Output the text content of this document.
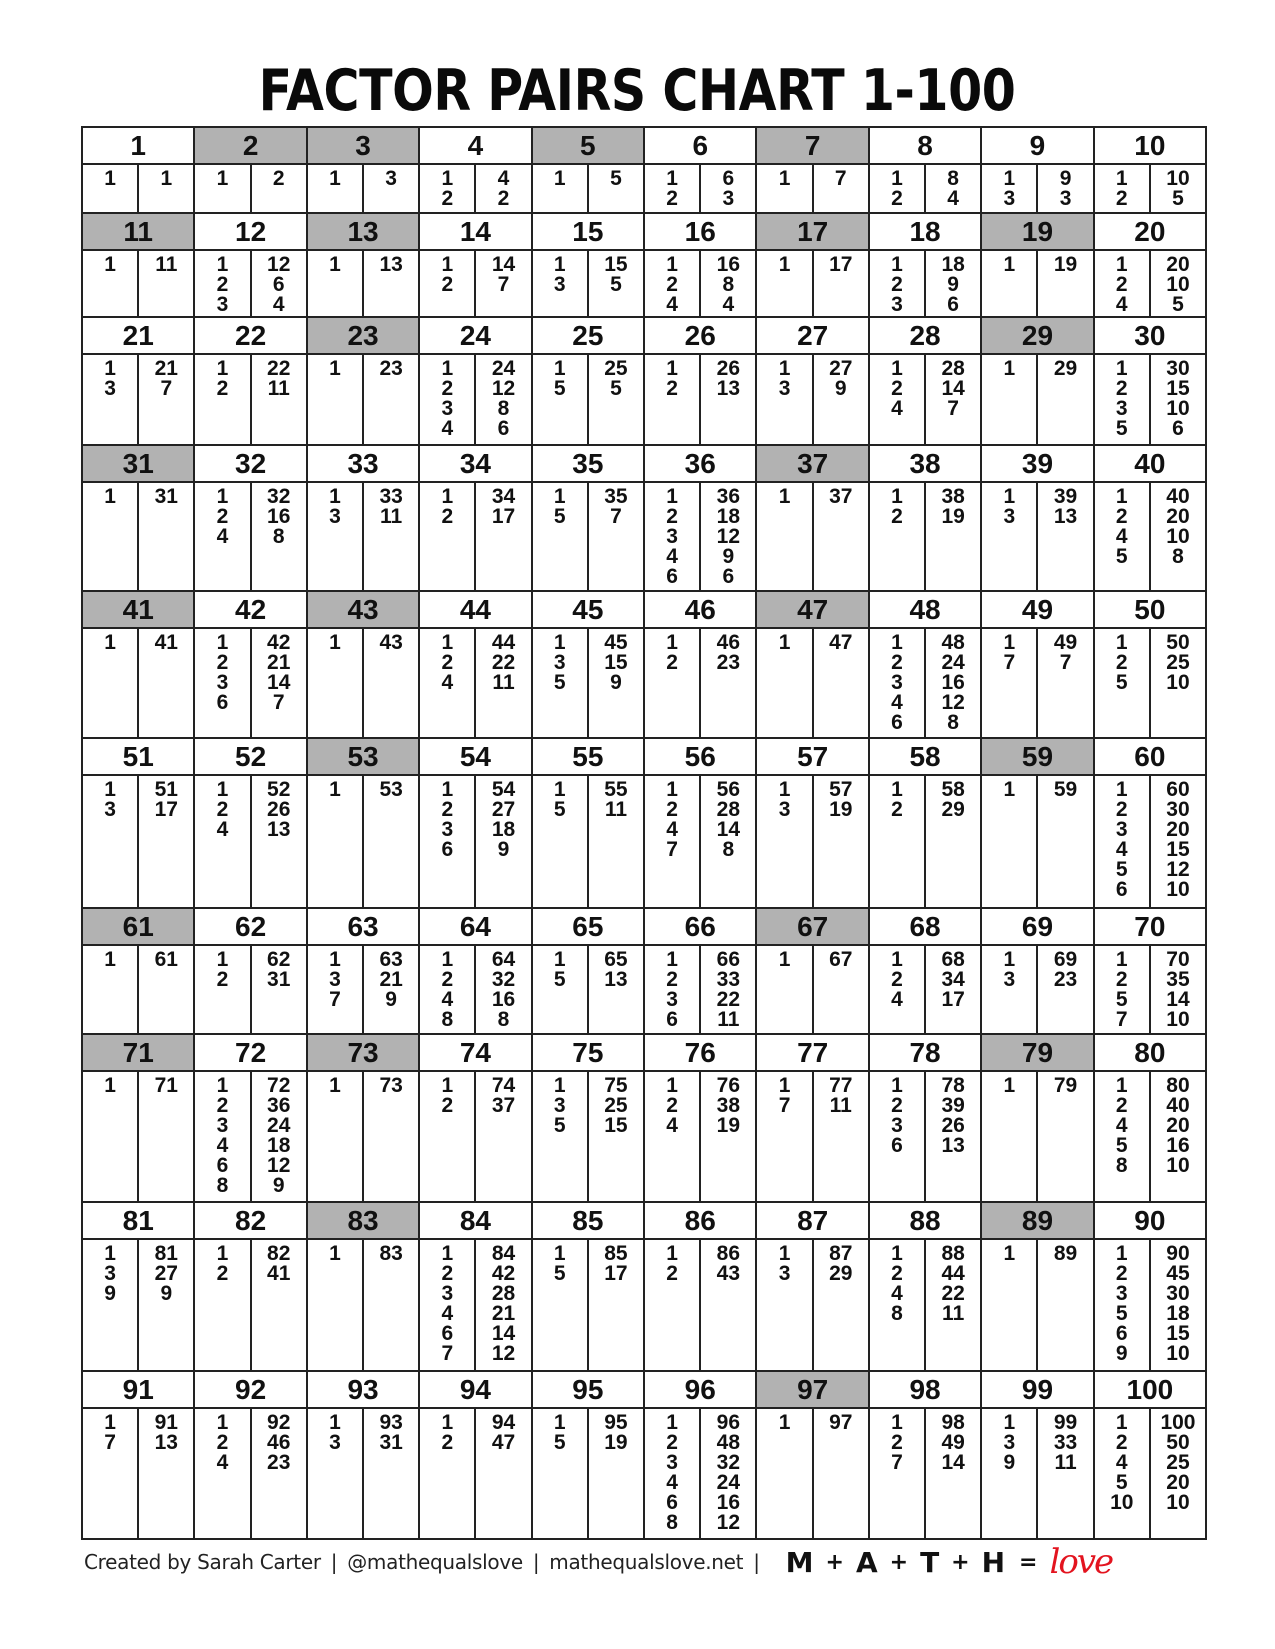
FACTOR PAIRS CHART 1-100
1
1 1
2
1 2
3
1 3
4
1
2
4
2
5
1 5
6
1
2
6
3
7
1 7
8
1
2
8
4
9
1
3
9
3
10
1
2
10
5
11
1 11
12
1
2
3
12
6
4
13
1 13
14
1
2
14
7
15
1
3
15
5
16
1
2
4
16
8
4
17
1 17
18
1
2
3
18
9
6
19
1 19
20
1
2
4
20
10
5
21
1
3
21
7
22
1
2
22
11
23
1 23
24
1
2
3
4
24
12
8
6
25
1
5
25
5
26
1
2
26
13
27
1
3
27
9
28
1
2
4
28
14
7
29
1 29
30
1
2
3
5
30
15
10
6
31
1 31
32
1
2
4
32
16
8
33
1
3
33
11
34
1
2
34
17
35
1
5
35
7
36
1
2
3
4
6
36
18
12
9
6
37
1 37
38
1
2
38
19
39
1
3
39
13
40
1
2
4
5
40
20
10
8
41
1 41
42
1
2
3
6
42
21
14
7
43
1 43
44
1
2
4
44
22
11
45
1
3
5
45
15
9
46
1
2
46
23
47
1 47
48
1
2
3
4
6
48
24
16
12
8
49
1
7
49
7
50
1
2
5
50
25
10
51
1
3
51
17
52
1
2
4
52
26
13
53
1 53
54
1
2
3
6
54
27
18
9
55
1
5
55
11
56
1
2
4
7
56
28
14
8
57
1
3
57
19
58
1
2
58
29
59
1 59
60
1
2
3
4
5
6
60
30
20
15
12
10
61
1 61
62
1
2
62
31
63
1
3
7
63
21
9
64
1
2
4
8
64
32
16
8
65
1
5
65
13
66
1
2
3
6
66
33
22
11
67
1 67
68
1
2
4
68
34
17
69
1
3
69
23
70
1
2
5
7
70
35
14
10
71
1 71
72
1
2
3
4
6
8
72
36
24
18
12
9
73
1 73
74
1
2
74
37
75
1
3
5
75
25
15
76
1
2
4
76
38
19
77
1
7
77
11
78
1
2
3
6
78
39
26
13
79
1 79
80
1
2
4
5
8
80
40
20
16
10
81
1
3
9
81
27
9
82
1
2
82
41
83
1 83
84
1
2
3
4
6
7
84
42
28
21
14
12
85
1
5
85
17
86
1
2
86
43
87
1
3
87
29
88
1
2
4
8
88
44
22
11
89
1 89
90
1
2
3
5
6
9
90
45
30
18
15
10
91
1
7
91
13
92
1
2
4
92
46
23
93
1
3
93
31
94
1
2
94
47
95
1
5
95
19
96
1
2
3
4
6
8
96
48
32
24
16
12
97
1 97
98
1
2
7
98
49
14
99
1
3
9
99
33
11
100
1
2
4
5
10
100
50
25
20
10
Created by Sarah Carter | @mathequalslove | mathequalslove.net | M + A + T + H = love
